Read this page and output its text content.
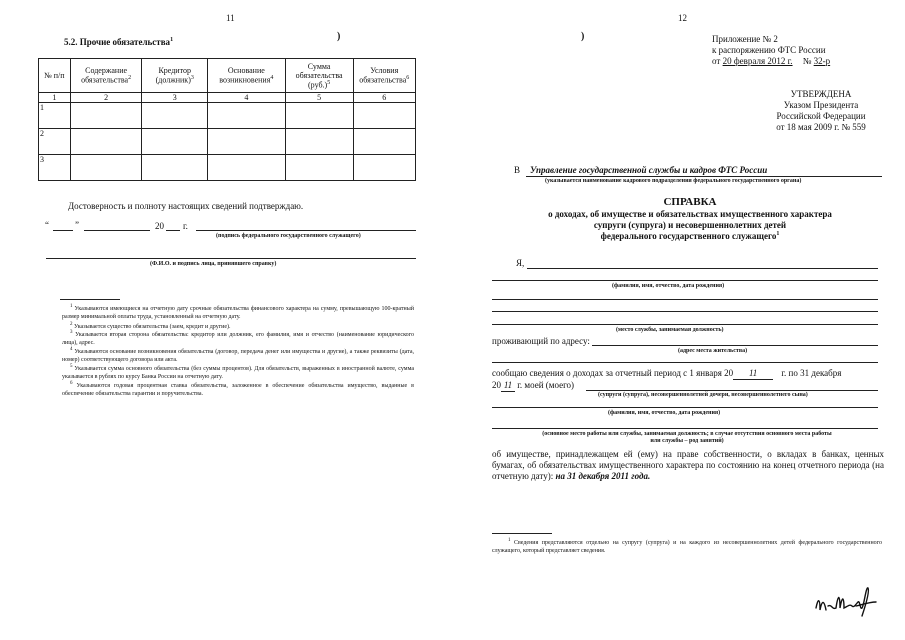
11
)
5.2. Прочие обязательства$^1$
№ п/п	Содержание обязательства$^2$	Кредитор (должник)$^3$	Основание возникновения$^4$	Сумма обязательства $(руб.)^5$	Условия обязательства$^6$
1	2	3	4	5	6
1					
2					
3					
Достоверность и полноту настоящих сведений подтверждаю.
“	”	20 г.
(подпись федерального государственного служащего)
(Ф.И.О. и подпись лица, принявшего справку)
$^1$ Указываются имеющиеся на отчетную дату срочные обязательства финансового характера на сумму, превышающую 100-кратный размер минимальной оплаты труда, установленный на отчетную дату.
$^2$ Указывается существо обязательства (заем, кредит и другие).
$^3$ Указывается вторая сторона обязательства: кредитор или должник, его фамилия, имя и отчество (наименование юридического лица), адрес.
$^4$ Указываются основание возникновения обязательства (договор, передача денег или имущества и другие), а также реквизиты (дата, номер) соответствующего договора или акта.
$^5$ Указывается сумма основного обязательства (без суммы процентов). Для обязательств, выраженных в иностранной валюте, сумма указывается в рублях по курсу Банка России на отчетную дату.
$^6$ Указываются годовая процентная ставка обязательства, заложенное в обеспечение обязательства имущество, выданные в обеспечение обязательства гарантии и поручительства.
12
)	Приложение № 2
к распоряжению ФТС России
от 20 февраля 2012 г. № 32-р
УТВЕРЖДЕНА
Указом Президента
Российской Федерации
от 18 мая 2009 г. № 559
В Управление государственной службы и кадров ФТС России
(указывается наименование кадрового подразделения федерального государственного органа)
СПРАВКА
о доходах, об имуществе и обязательствах имущественного характера
супруги (супруга) и несовершеннолетних детей
федерального государственного служащего$^1$
Я,
(фамилия, имя, отчество, дата рождения)
(место службы, занимаемая должность)
проживающий по адресу:
(адрес места жительства)
сообщаю сведения о доходах за отчетный период с 1 января 20 11	г. по 31 декабря
20 11 г. моей (моего)
(супруги (супруга), несовершеннолетней дочери, несовершеннолетнего сына)
(фамилия, имя, отчество, дата рождения)
(основное место работы или службы, занимаемая должность; в случае отсутствия основного места работы
или службы – род занятий)
об имуществе, принадлежащем ей (ему) на праве собственности, о вкладах в банках, ценных бумагах, об обязательствах имущественного характера по состоянию на конец отчетного периода (на отчетную дату): на 31 декабря 2011 года.
$^1$ Сведения представляются отдельно на супругу (супруга) и на каждого из несовершеннолетних детей федерального государственного служащего, который представляет сведения.
